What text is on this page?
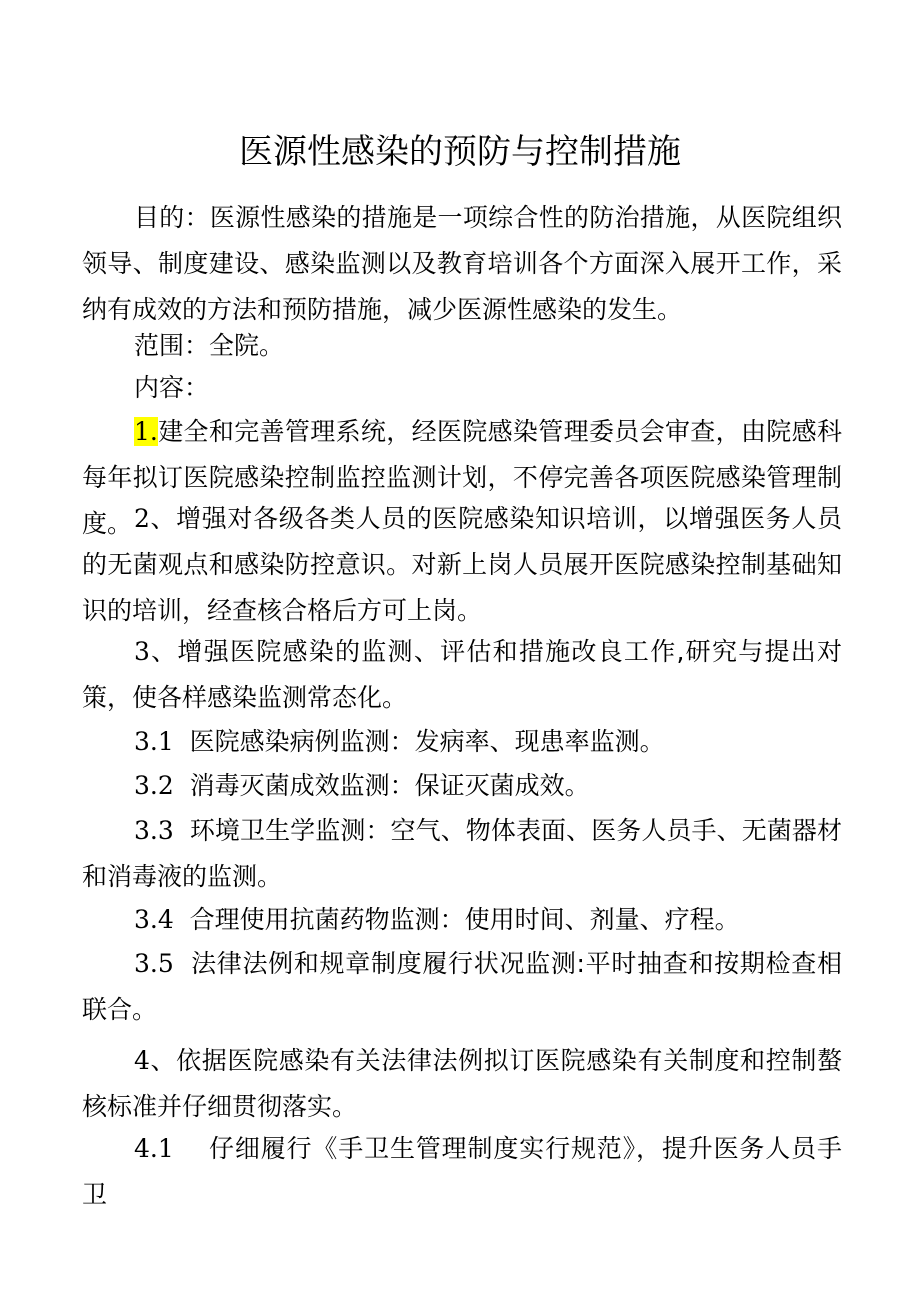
医源性感染的预防与控制措施

目的：医源性感染的措施是一项综合性的防治措施，从医院组织领导、制度建设、感染监测以及教育培训各个方面深入展开工作，采纳有成效的方法和预防措施，减少医源性感染的发生。

范围：全院。

内容：

1.建全和完善管理系统，经医院感染管理委员会审查，由院感科每年拟订医院感染控制监控监测计划，不停完善各项医院感染管理制度。 2、增强对各级各类人员的医院感染知识培训，以增强医务人员的无菌观点和感染防控意识。对新上岗人员展开医院感染控制基础知识的培训，经查核合格后方可上岗。

3、增强医院感染的监测、评估和措施改良工作,研究与提出对策，使各样感染监测常态化。

3.1 医院感染病例监测：发病率、现患率监测。

3.2 消毒灭菌成效监测：保证灭菌成效。

3.3 环境卫生学监测：空气、物体表面、医务人员手、无菌器材和消毒液的监测。

3.4 合理使用抗菌药物监测：使用时间、剂量、疗程。

3.5 法律法例和规章制度履行状况监测:平时抽查和按期检查相联合。

4、依据医院感染有关法律法例拟订医院感染有关制度和控制螯核标准并仔细贯彻落实。

4.1 仔细履行《手卫生管理制度实行规范》，提升医务人员手卫
